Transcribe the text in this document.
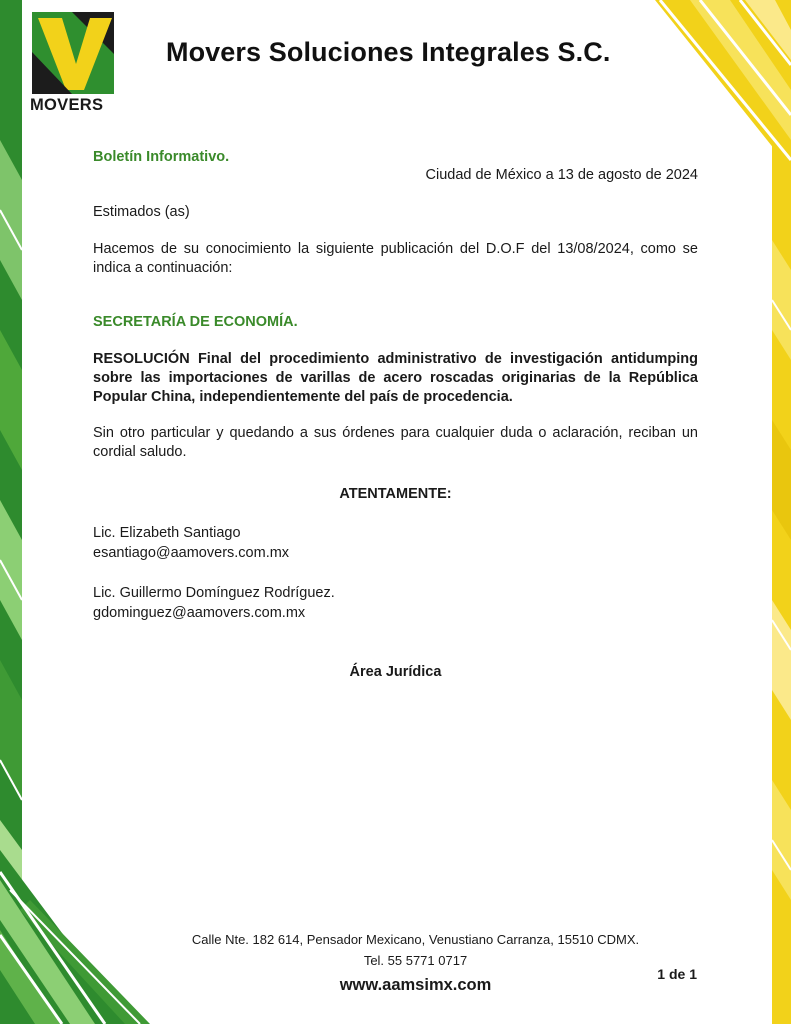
MOVERS
Movers Soluciones Integrales S.C.
Boletín Informativo.
Ciudad de México a 13 de agosto de 2024
Estimados (as)
Hacemos de su conocimiento la siguiente publicación del D.O.F del 13/08/2024, como se indica a continuación:
SECRETARÍA DE ECONOMÍA.
RESOLUCIÓN Final del procedimiento administrativo de investigación antidumping sobre las importaciones de varillas de acero roscadas originarias de la República Popular China, independientemente del país de procedencia.
Sin otro particular y quedando a sus órdenes para cualquier duda o aclaración, reciban un cordial saludo.
ATENTAMENTE:
Lic. Elizabeth Santiago
esantiago@aamovers.com.mx
Lic. Guillermo Domínguez Rodríguez.
gdominguez@aamovers.com.mx
Área Jurídica
Calle Nte. 182 614, Pensador Mexicano, Venustiano Carranza, 15510 CDMX.
Tel. 55 5771 0717
www.aamsimx.com
1 de 1
